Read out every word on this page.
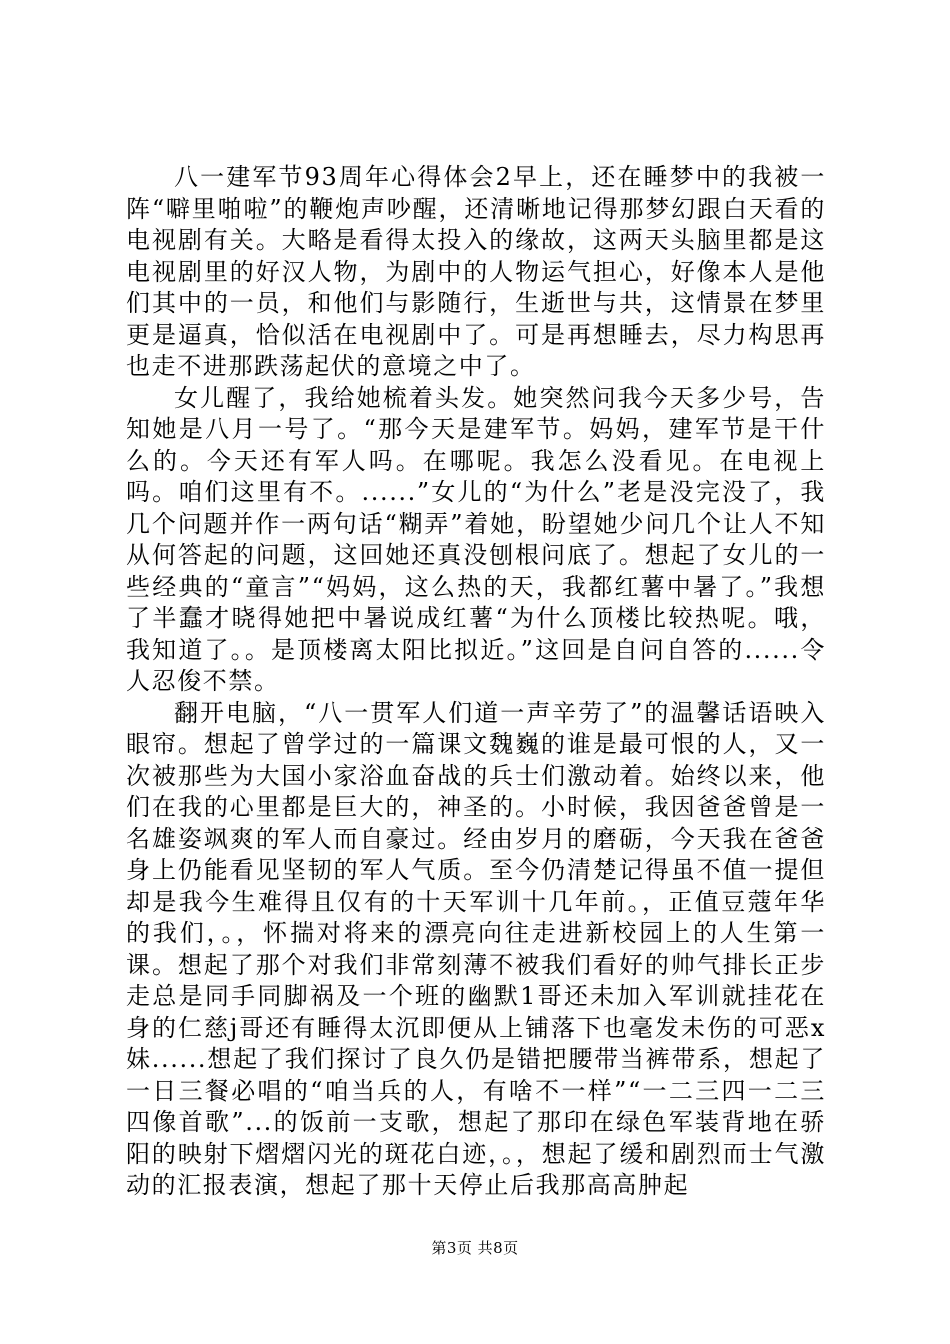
八一建军节93周年心得体会2早上，还在睡梦中的我被一阵“噼里啪啦”的鞭炮声吵醒，还清晰地记得那梦幻跟白天看的电视剧有关。大略是看得太投入的缘故，这两天头脑里都是这电视剧里的好汉人物，为剧中的人物运气担心，好像本人是他们其中的一员，和他们与影随行，生逝世与共，这情景在梦里更是逼真，恰似活在电视剧中了。可是再想睡去，尽力构思再也走不进那跌荡起伏的意境之中了。

女儿醒了，我给她梳着头发。她突然问我今天多少号，告知她是八月一号了。“那今天是建军节。妈妈，建军节是干什么的。今天还有军人吗。在哪呢。我怎么没看见。在电视上吗。咱们这里有不。......”女儿的“为什么”老是没完没了，我几个问题并作一两句话“糊弄”着她，盼望她少问几个让人不知从何答起的问题，这回她还真没刨根问底了。想起了女儿的一些经典的“童言”“妈妈，这么热的天，我都红薯中暑了。”我想了半蠢才晓得她把中暑说成红薯“为什么顶楼比较热呢。哦，我知道了。。是顶楼离太阳比拟近。”这回是自问自答的......令人忍俊不禁。

翻开电脑，“八一贯军人们道一声辛劳了”的温馨话语映入眼帘。想起了曾学过的一篇课文魏巍的谁是最可恨的人，又一次被那些为大国小家浴血奋战的兵士们激动着。始终以来，他们在我的心里都是巨大的，神圣的。小时候，我因爸爸曾是一名雄姿飒爽的军人而自豪过。经由岁月的磨砺，今天我在爸爸身上仍能看见坚韧的军人气质。至今仍清楚记得虽不值一提但却是我今生难得且仅有的十天军训十几年前。，正值豆蔻年华的我们，。，怀揣对将来的漂亮向往走进新校园上的人生第一课。想起了那个对我们非常刻薄不被我们看好的帅气排长正步走总是同手同脚祸及一个班的幽默1哥还未加入军训就挂花在身的仁慈j哥还有睡得太沉即便从上铺落下也毫发未伤的可恶x妹......想起了我们探讨了良久仍是错把腰带当裤带系，想起了一日三餐必唱的“咱当兵的人，有啥不一样”“一二三四一二三四像首歌”...的饭前一支歌，想起了那印在绿色军装背地在骄阳的映射下熠熠闪光的斑花白迹，。，想起了缓和剧烈而士气激动的汇报表演，想起了那十天停止后我那高高肿起

第3页 共8页
